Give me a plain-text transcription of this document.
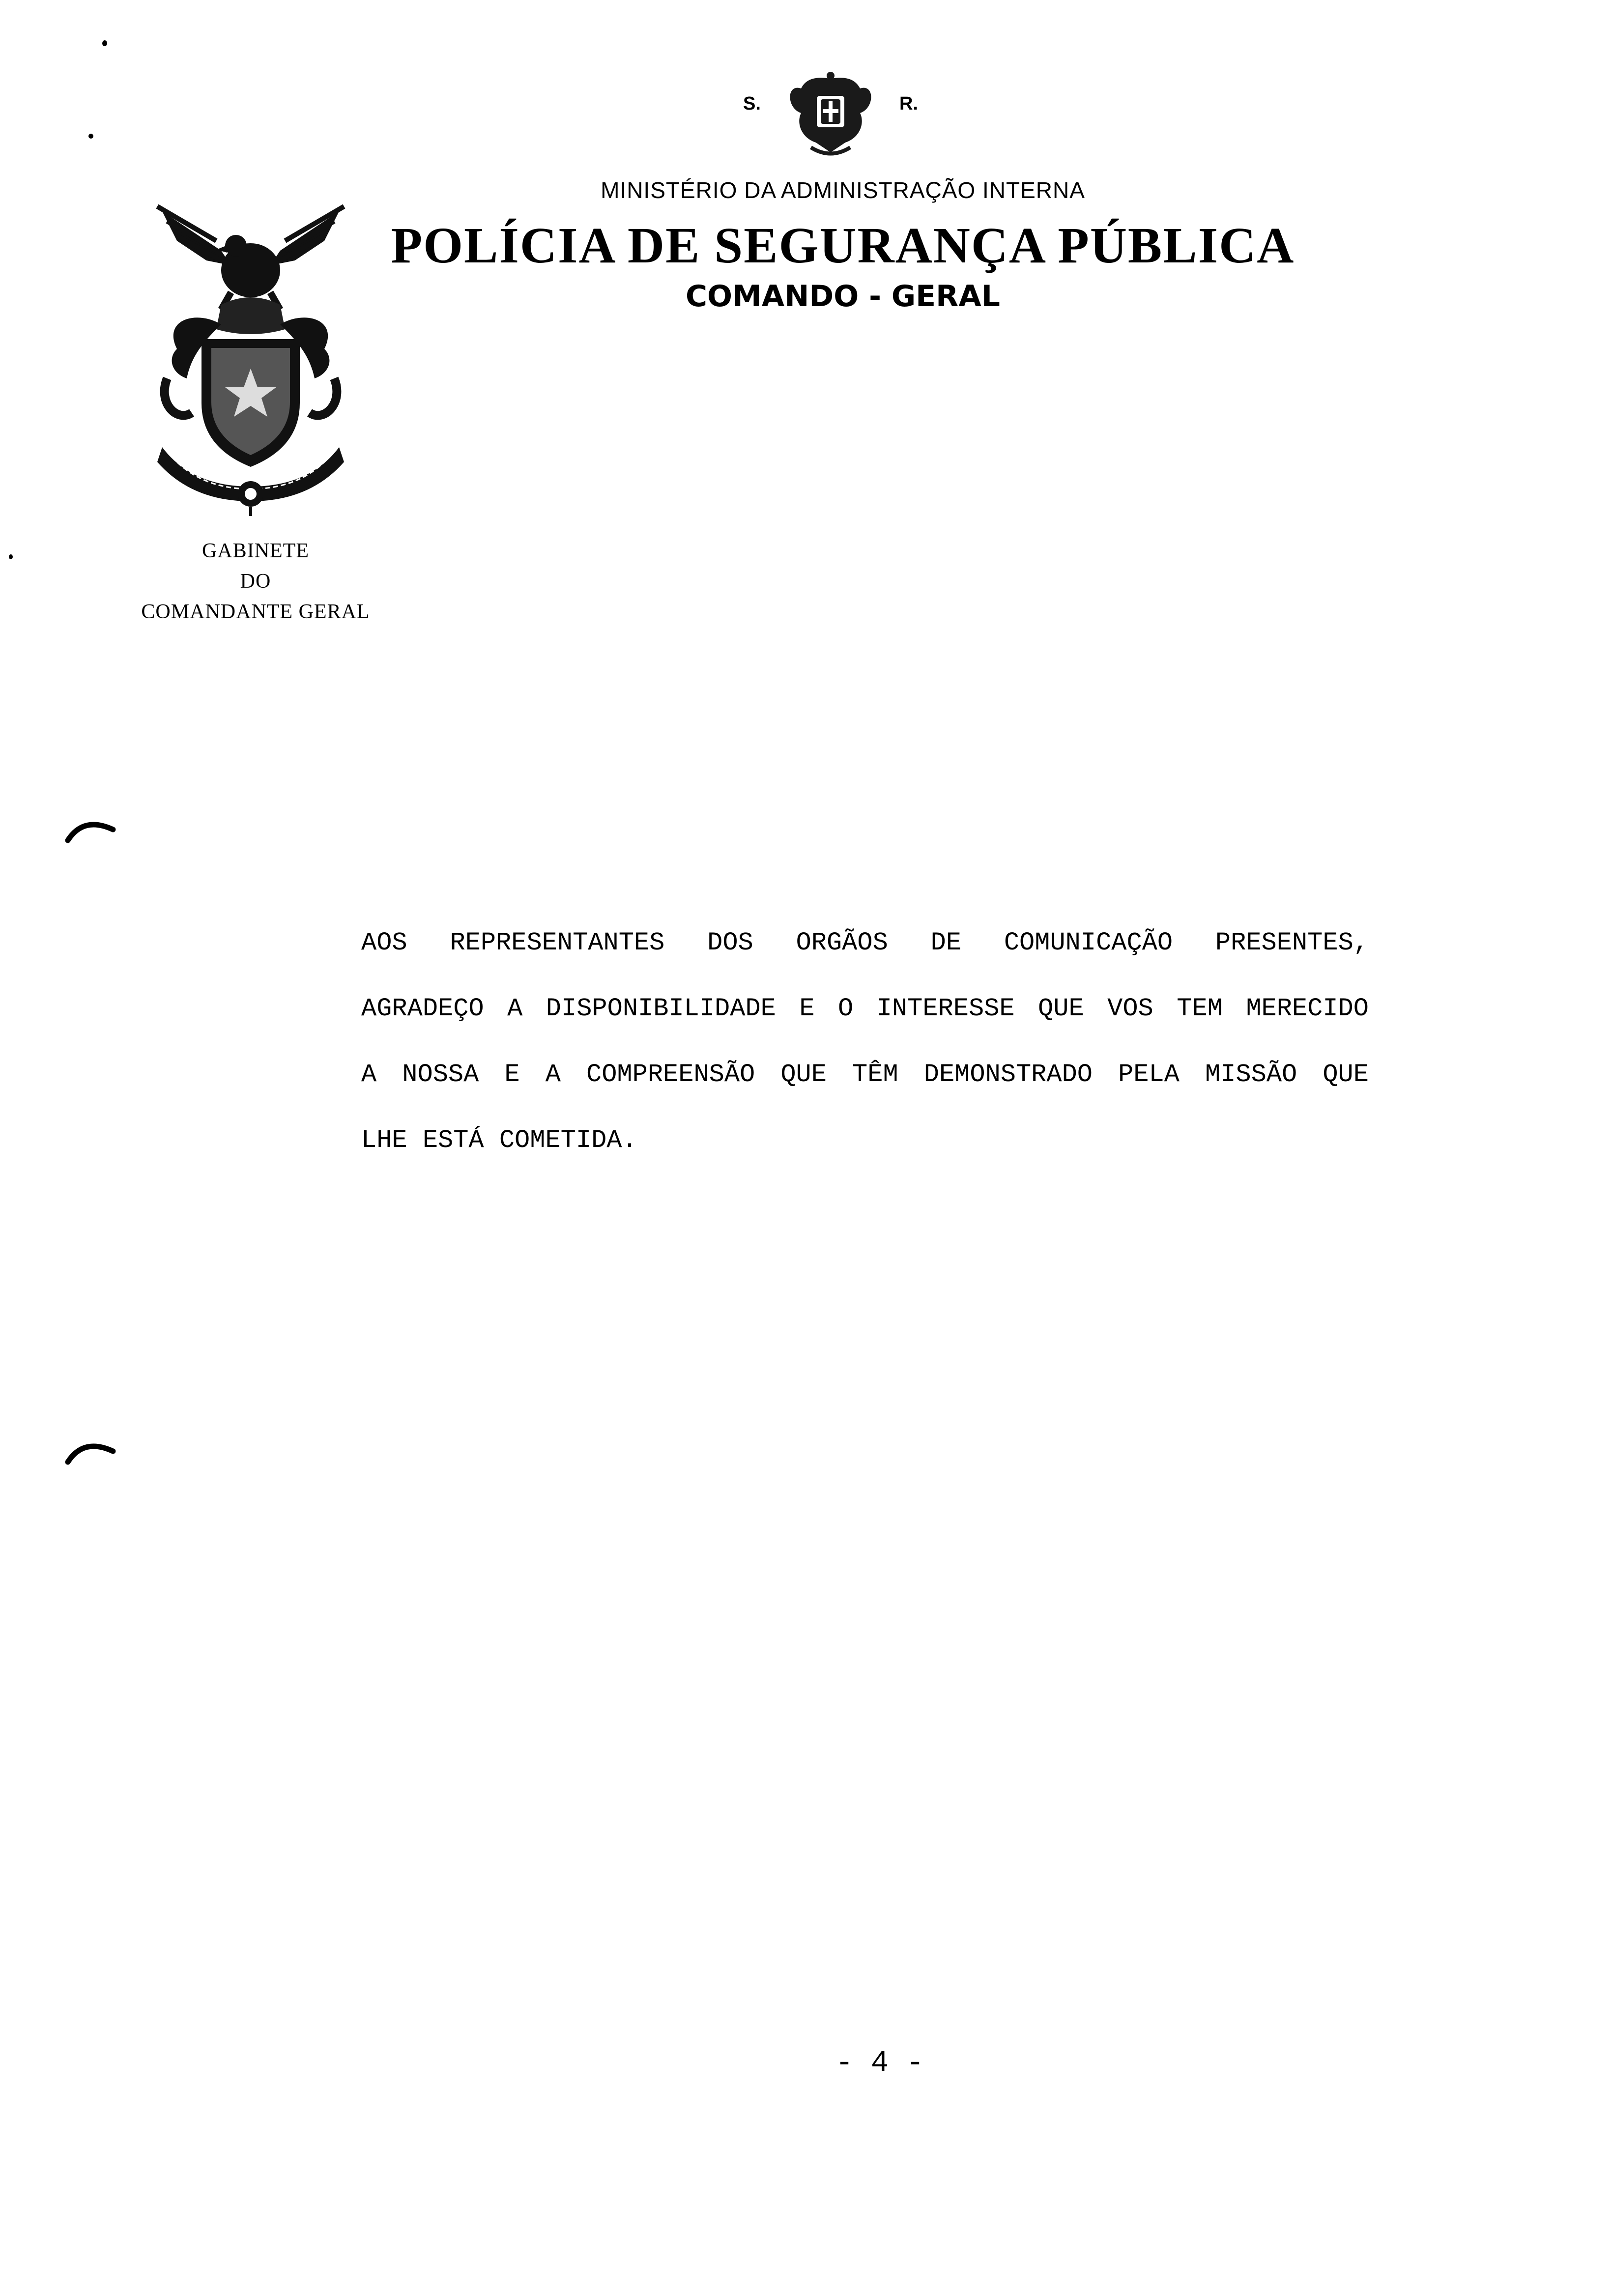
S.	R.
MINISTÉRIO DA ADMINISTRAÇÃO INTERNA
POLÍCIA DE SEGURANÇA PÚBLICA
COMANDO - GERAL
GABINETE
DO
COMANDANTE GERAL
AOS REPRESENTANTES DOS ORGÃOS DE COMUNICAÇÃO PRESENTES,
AGRADEÇO A DISPONIBILIDADE E O INTERESSE QUE VOS TEM MERECIDO
A NOSSA E A COMPREENSÃO QUE TÊM DEMONSTRADO PELA MISSÃO QUE
LHE ESTÁ COMETIDA.
- 4 -
